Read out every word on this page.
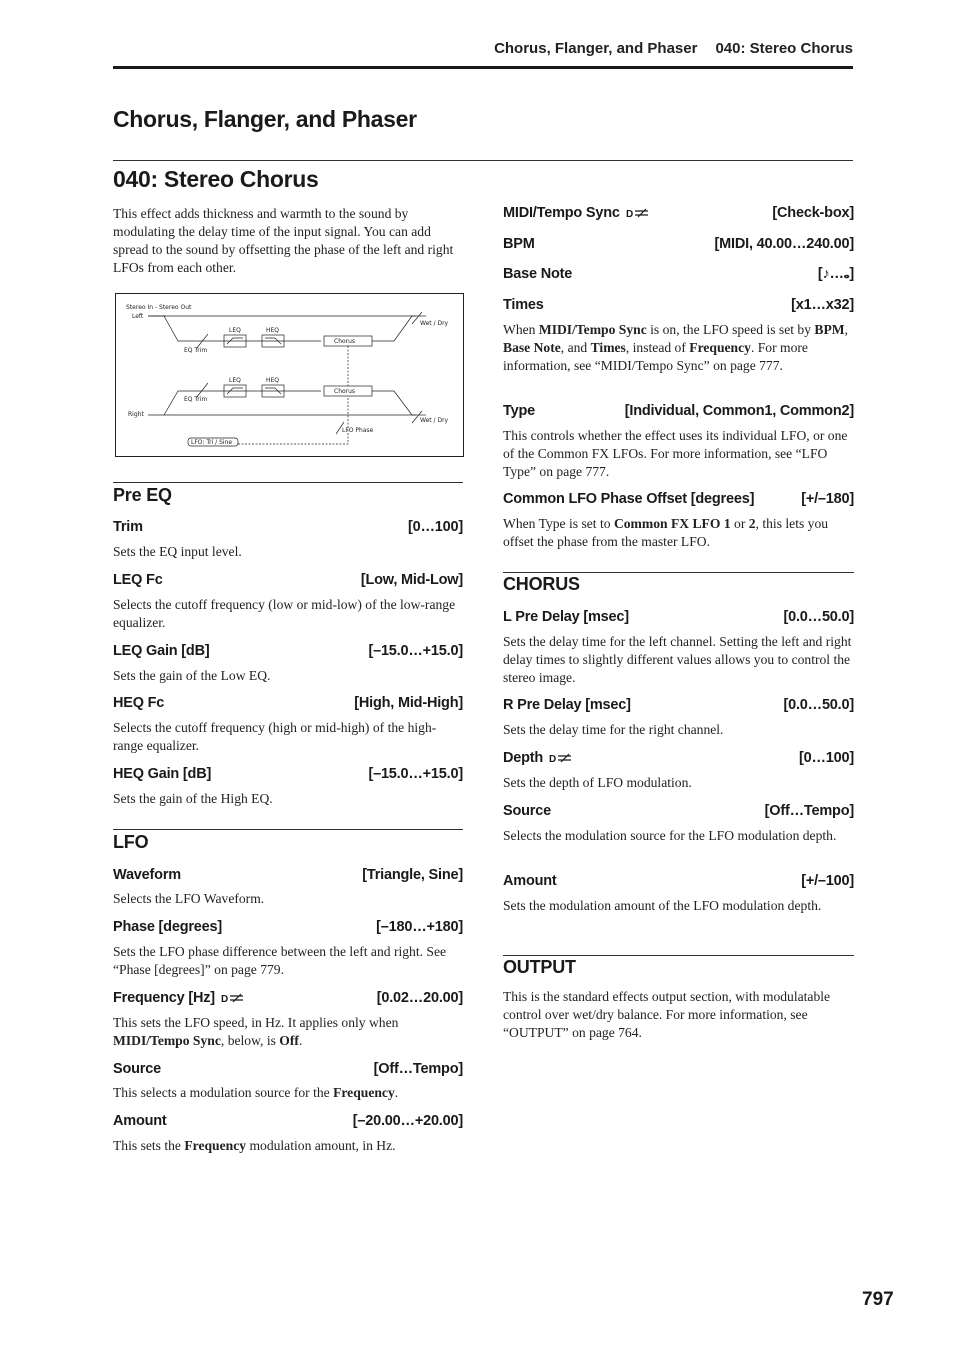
Chorus, Flanger, and Phaser 040: Stereo Chorus
Chorus, Flanger, and Phaser
040: Stereo Chorus
This effect adds thickness and warmth to the sound by modulating the delay time of the input signal. You can add spread to the sound by offsetting the phase of the left and right LFOs from each other.
Stereo In - Stereo Out
Left
Right
EQ Trim
EQ Trim
LEQ	HEQ
LEQ	HEQ
Chorus
Chorus
Wet / Dry
Wet / Dry
LFO Phase
LFO: Tri / Sine
Pre EQ
Trim	[0…100]
Sets the EQ input level.
LEQ Fc	[Low, Mid-Low]
Selects the cutoff frequency (low or mid-low) of the low-range equalizer.
LEQ Gain [dB]	[–15.0…+15.0]
Sets the gain of the Low EQ.
HEQ Fc	[High, Mid-High]
Selects the cutoff frequency (high or mid-high) of the high-range equalizer.
HEQ Gain [dB]	[–15.0…+15.0]
Sets the gain of the High EQ.
LFO
Waveform	[Triangle, Sine]
Selects the LFO Waveform.
Phase [degrees]	[–180…+180]
Sets the LFO phase difference between the left and right. See “Phase [degrees]” on page 779.
Frequency [Hz] D	[0.02…20.00]
This sets the LFO speed, in Hz. It applies only when MIDI/Tempo Sync, below, is Off.
Source	[Off…Tempo]
This selects a modulation source for the Frequency.
Amount	[–20.00…+20.00]
This sets the Frequency modulation amount, in Hz.
MIDI/Tempo Sync D	[Check-box]
BPM	[MIDI, 40.00…240.00]
Base Note	[♪…𝅝]
Times	[x1…x32]
When MIDI/Tempo Sync is on, the LFO speed is set by BPM, Base Note, and Times, instead of Frequency. For more information, see “MIDI/Tempo Sync” on page 777.
Type	[Individual, Common1, Common2]
This controls whether the effect uses its individual LFO, or one of the Common FX LFOs. For more information, see “LFO Type” on page 777.
Common LFO Phase Offset [degrees]	[+/–180]
When Type is set to Common FX LFO 1 or 2, this lets you offset the phase from the master LFO.
CHORUS
L Pre Delay [msec]	[0.0…50.0]
Sets the delay time for the left channel. Setting the left and right delay times to slightly different values allows you to control the stereo image.
R Pre Delay [msec]	[0.0…50.0]
Sets the delay time for the right channel.
Depth D	[0…100]
Sets the depth of LFO modulation.
Source	[Off…Tempo]
Selects the modulation source for the LFO modulation depth.
Amount	[+/–100]
Sets the modulation amount of the LFO modulation depth.
OUTPUT
This is the standard effects output section, with modulatable control over wet/dry balance. For more information, see “OUTPUT” on page 764.
797
